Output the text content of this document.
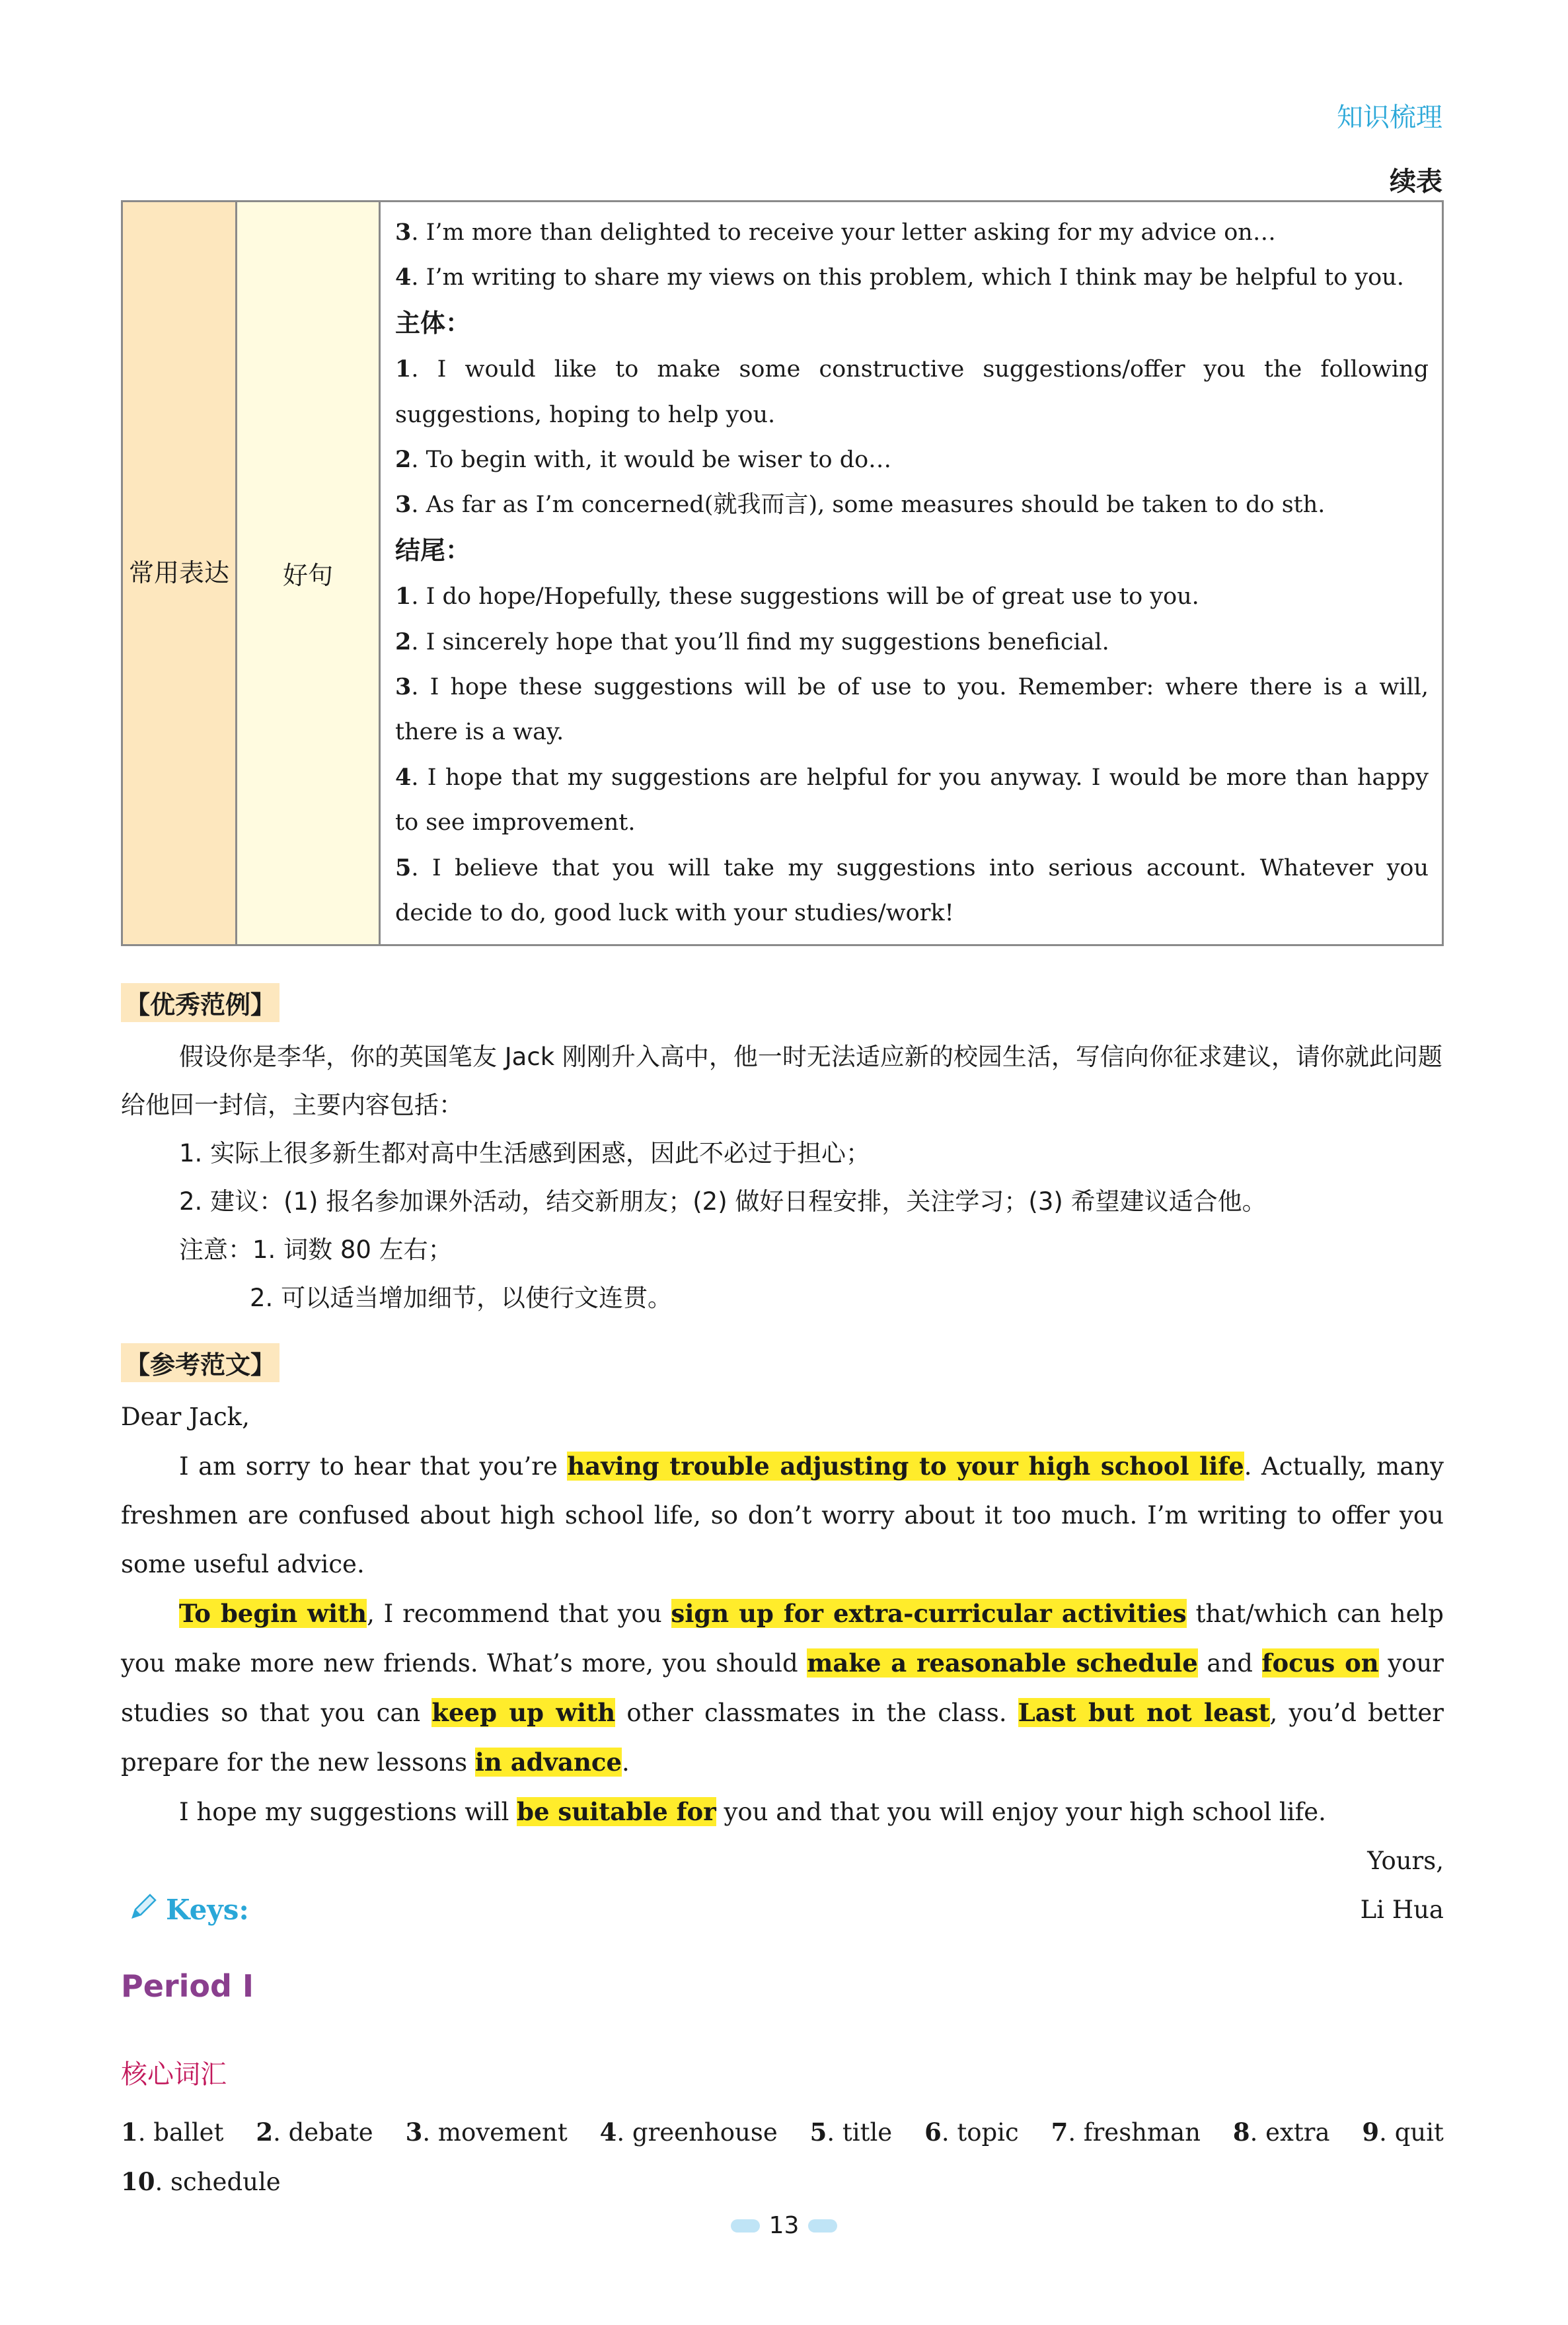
知识梳理
续表
常用表达	好句	
3. I’m more than delighted to receive your letter asking for my advice on…
4. I’m writing to share my views on this problem, which I think may be helpful to you.
主体：
1. I would like to make some constructive suggestions/offer you the following suggestions, hoping to help you.
2. To begin with, it would be wiser to do…
3. As far as I’m concerned(就我而言), some measures should be taken to do sth.
结尾：
1. I do hope/Hopefully, these suggestions will be of great use to you.
2. I sincerely hope that you’ll find my suggestions beneficial.
3. I hope these suggestions will be of use to you. Remember: where there is a will, there is a way.
4. I hope that my suggestions are helpful for you anyway. I would be more than happy to see improvement.
5. I believe that you will take my suggestions into serious account. Whatever you decide to do, good luck with your studies/work!
【优秀范例】

假设你是李华，你的英国笔友 Jack 刚刚升入高中，他一时无法适应新的校园生活，写信向你征求建议，请你就此问题给他回一封信，主要内容包括：

1. 实际上很多新生都对高中生活感到困惑，因此不必过于担心；

2. 建议：(1) 报名参加课外活动，结交新朋友；(2) 做好日程安排，关注学习；(3) 希望建议适合他。

注意：1. 词数 80 左右；

2. 可以适当增加细节，以使行文连贯。

【参考范文】

Dear Jack,

I am sorry to hear that you’re having trouble adjusting to your high school life. Actually, many freshmen are confused about high school life, so don’t worry about it too much. I’m writing to offer you some useful advice.

To begin with, I recommend that you sign up for extra-curricular activities that/which can help you make more new friends. What’s more, you should make a reasonable schedule and focus on your studies so that you can keep up with other classmates in the class. Last but not least, you’d better prepare for the new lessons in advance.

I hope my suggestions will be suitable for you and that you will enjoy your high school life.

Yours,

Li Hua

Keys:
Period Ⅰ
核心词汇
1. ballet 2. debate 3. movement 4. greenhouse 5. title 6. topic 7. freshman 8. extra 9. quit
10. schedule
13
